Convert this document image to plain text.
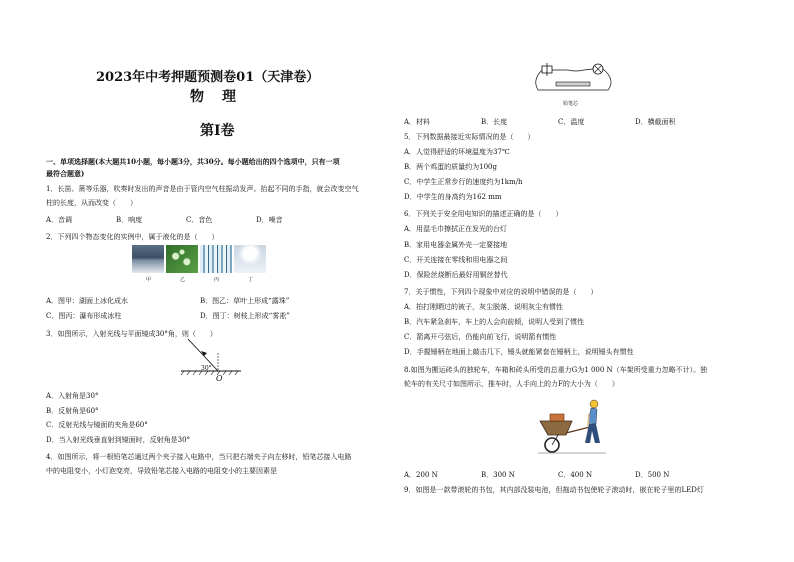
2023年中考押题预测卷01（天津卷）
物　理
第Ⅰ卷
一、单项选择题(本大题共10小题，每小题3分，共30分。每小题给出的四个选项中，只有一项
最符合题意)
1．长笛、箫等乐器，吹奏时发出的声音是由于管内空气柱振动发声。抬起不同的手指，就会改变空气
柱的长度，从而改变（　　）
A．音调	B．响度	C．音色	D．噪音
2．下列四个物态变化的实例中，属于液化的是（　　）
甲	乙	丙	丁
A．图甲：湖面上冰化成水	B．图乙：草叶上形成“露珠”
C．图丙：瀑布形成冰柱	D．图丁：树枝上形成“雾凇”
3．如图所示，入射光线与平面镜成30°角，则（　　）
30°
O
A．入射角是30°
B．反射角是60°
C．反射光线与镜面的夹角是60°
D．当入射光线垂直射到镜面时，反射角是30°
4．如图所示，将一根铅笔芯通过两个夹子接入电路中，当只把右端夹子向左移时，铅笔芯接入电路
中的电阻变小，小灯泡变亮，导致铅笔芯接入电路的电阻变小的主要因素是
铅笔芯
A．材料	B．长度	C．温度	D．横截面积
5．下列数据最接近实际情况的是（　　）
A．人觉得舒适的环境温度为37℃
B．两个鸡蛋的质量约为100g
C．中学生正常步行的速度约为1km/h
D．中学生的身高约为162 mm
6．下列关于安全用电知识的描述正确的是（　　）
A．用湿毛巾擦拭正在发光的台灯
B．家用电器金属外壳一定要接地
C．开关连接在零线和用电器之间
D．保险丝烧断后最好用铜丝替代
7．关于惯性，下列四个现象中对应的说明中错误的是（　　）
A．拍打刚晒过的被子，灰尘脱落，说明灰尘有惯性
B．汽车紧急刹车，车上的人会向前倾，说明人受到了惯性
C．箭离开弓弦后，仍能向前飞行，说明箭有惯性
D．手握锤柄在地面上敲击几下，锤头就能紧套在锤柄上，说明锤头有惯性
8.如图为搬运砖头的独轮车，车箱和砖头所受的总重力G为1 000 N（车架所受重力忽略不计）。独
轮车的有关尺寸如图所示，推车时，人手向上的力F的大小为（　　）
A．200 N	B．300 N	C．400 N	D．500 N
9．如图是一款带滚轮的书包，其内部没装电池，但拖动书包使轮子滚动时，嵌在轮子里的LED灯
